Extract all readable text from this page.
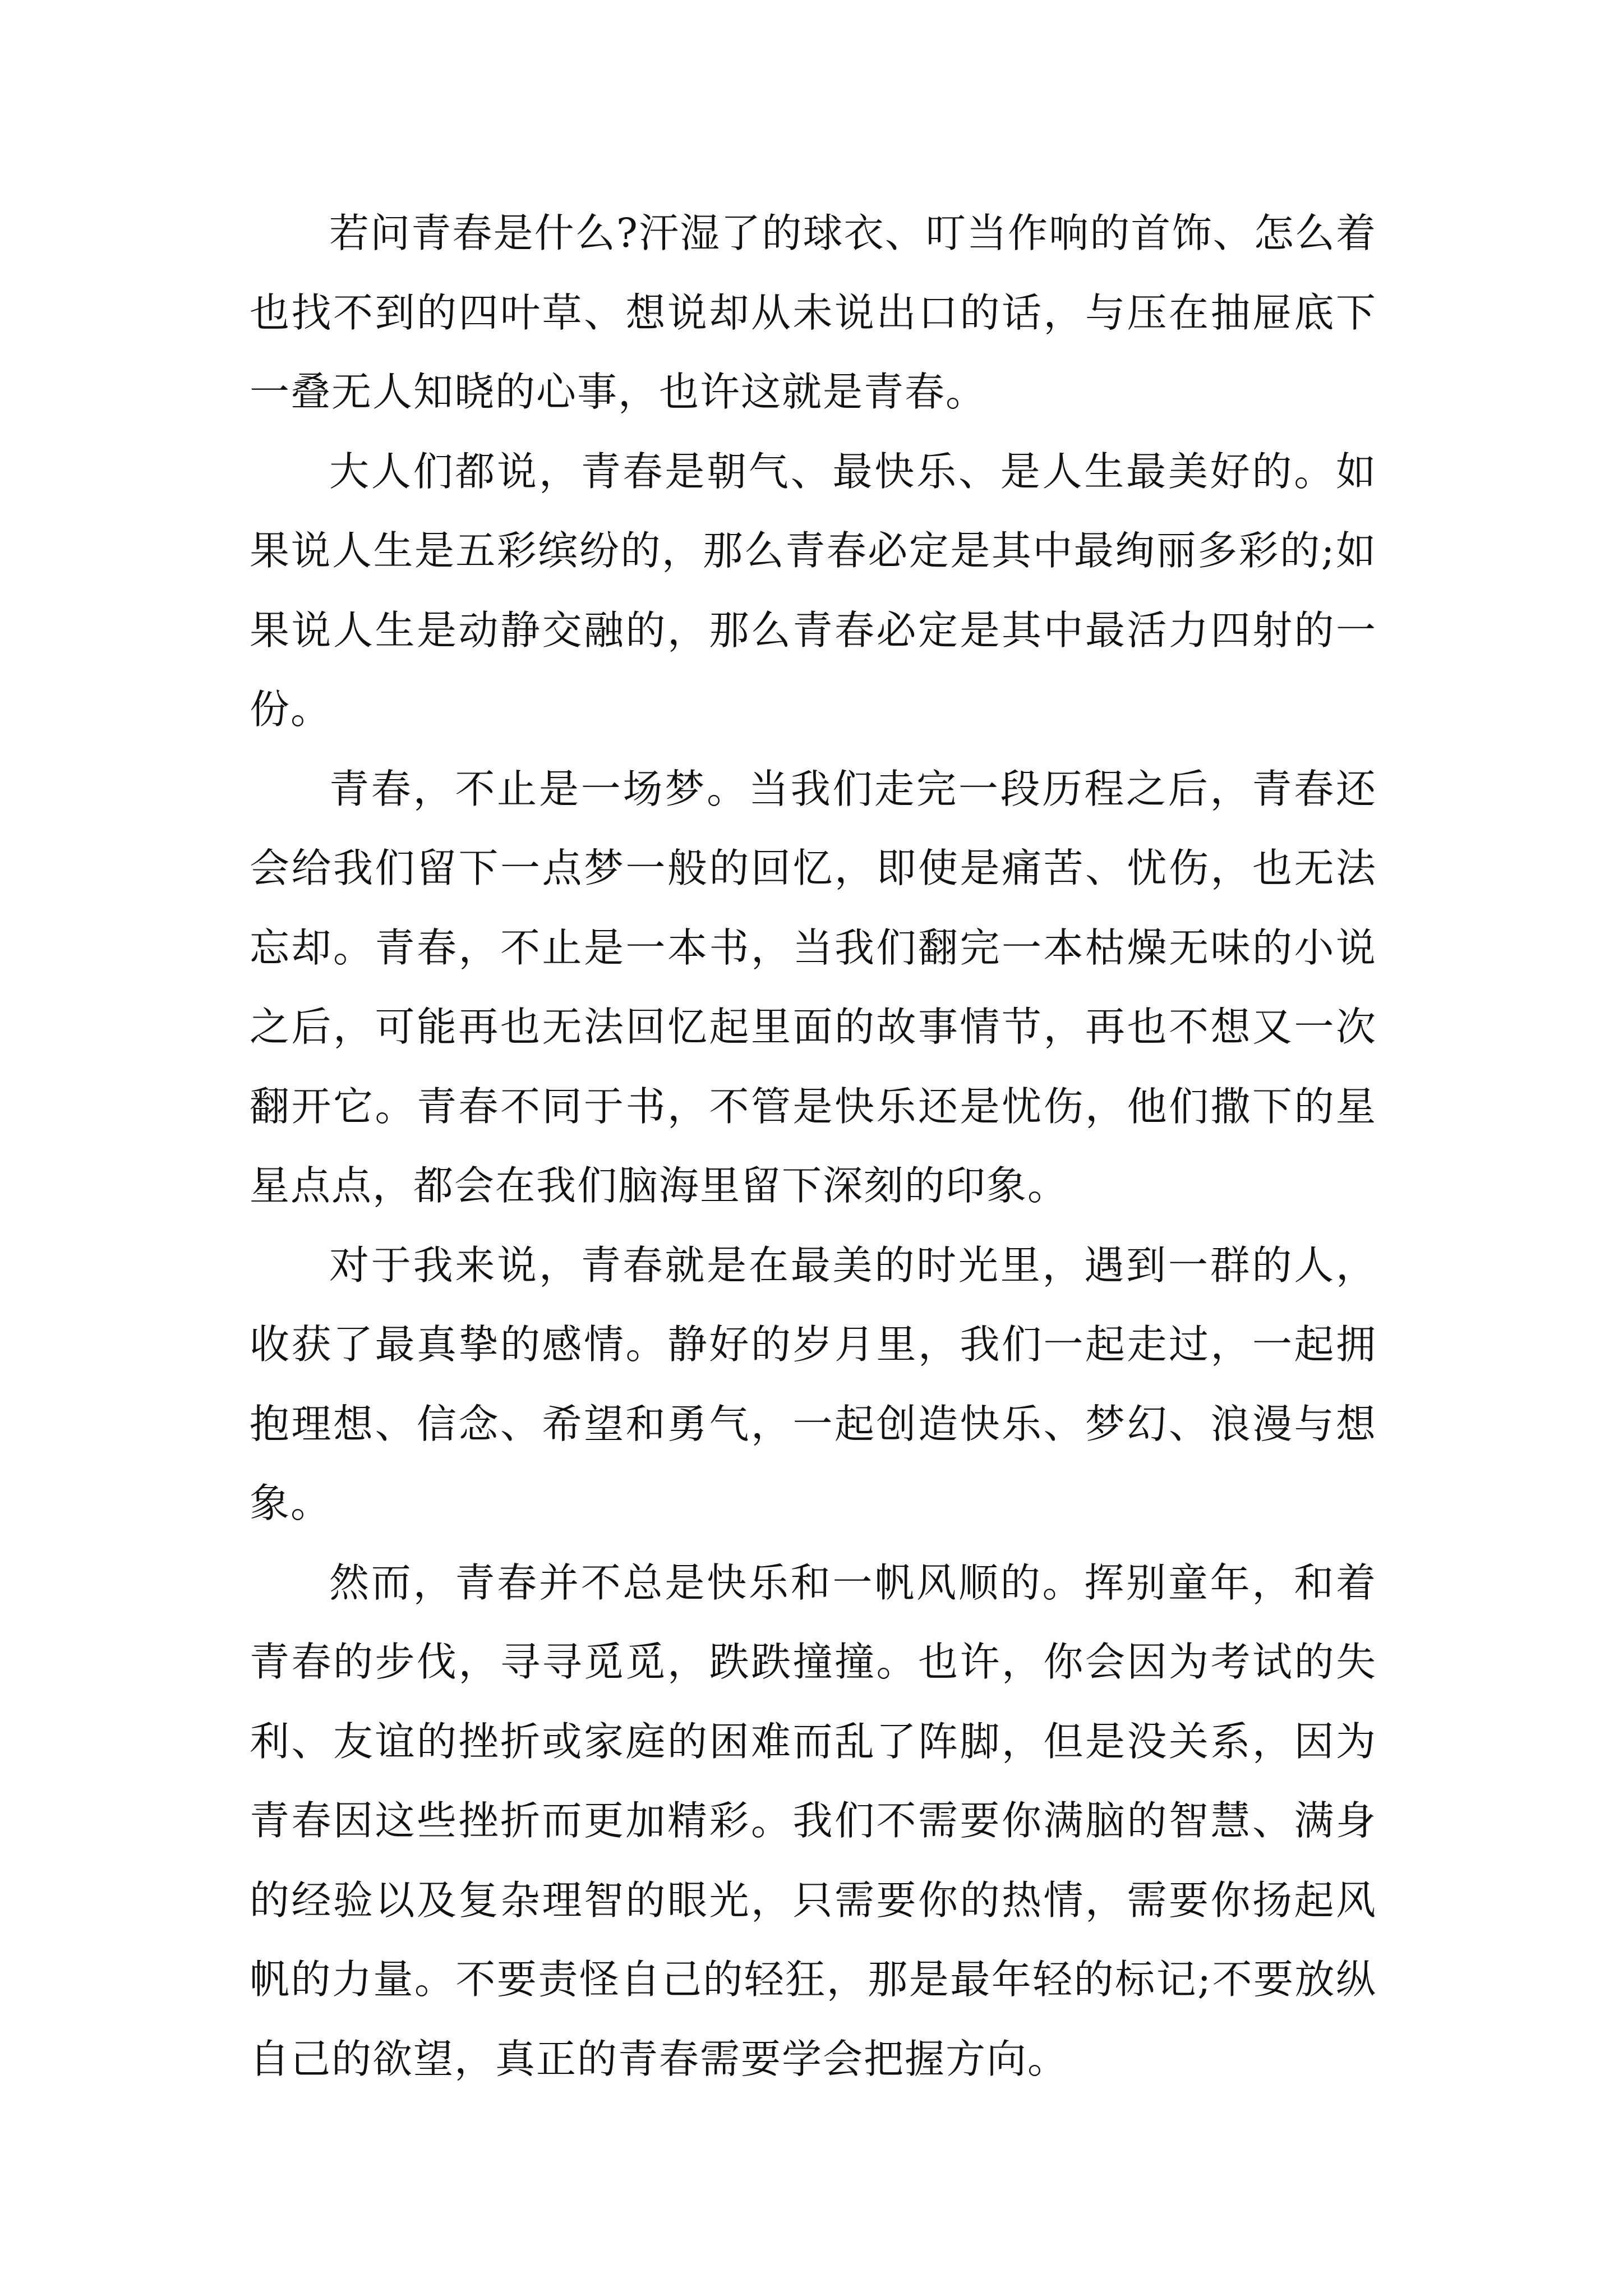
若问青春是什么?汗湿了的球衣、叮当作响的首饰、怎么着也找不到的四叶草、想说却从未说出口的话，与压在抽屉底下一叠无人知晓的心事，也许这就是青春。

大人们都说，青春是朝气、最快乐、是人生最美好的。如果说人生是五彩缤纷的，那么青春必定是其中最绚丽多彩的;如果说人生是动静交融的，那么青春必定是其中最活力四射的一份。

青春，不止是一场梦。当我们走完一段历程之后，青春还会给我们留下一点梦一般的回忆，即使是痛苦、忧伤，也无法忘却。青春，不止是一本书，当我们翻完一本枯燥无味的小说之后，可能再也无法回忆起里面的故事情节，再也不想又一次翻开它。青春不同于书，不管是快乐还是忧伤，他们撒下的星星点点，都会在我们脑海里留下深刻的印象。

对于我来说，青春就是在最美的时光里，遇到一群的人，收获了最真挚的感情。静好的岁月里，我们一起走过，一起拥抱理想、信念、希望和勇气，一起创造快乐、梦幻、浪漫与想象。

然而，青春并不总是快乐和一帆风顺的。挥别童年，和着青春的步伐，寻寻觅觅，跌跌撞撞。也许，你会因为考试的失利、友谊的挫折或家庭的困难而乱了阵脚，但是没关系，因为青春因这些挫折而更加精彩。我们不需要你满脑的智慧、满身的经验以及复杂理智的眼光，只需要你的热情，需要你扬起风帆的力量。不要责怪自己的轻狂，那是最年轻的标记;不要放纵自己的欲望，真正的青春需要学会把握方向。
